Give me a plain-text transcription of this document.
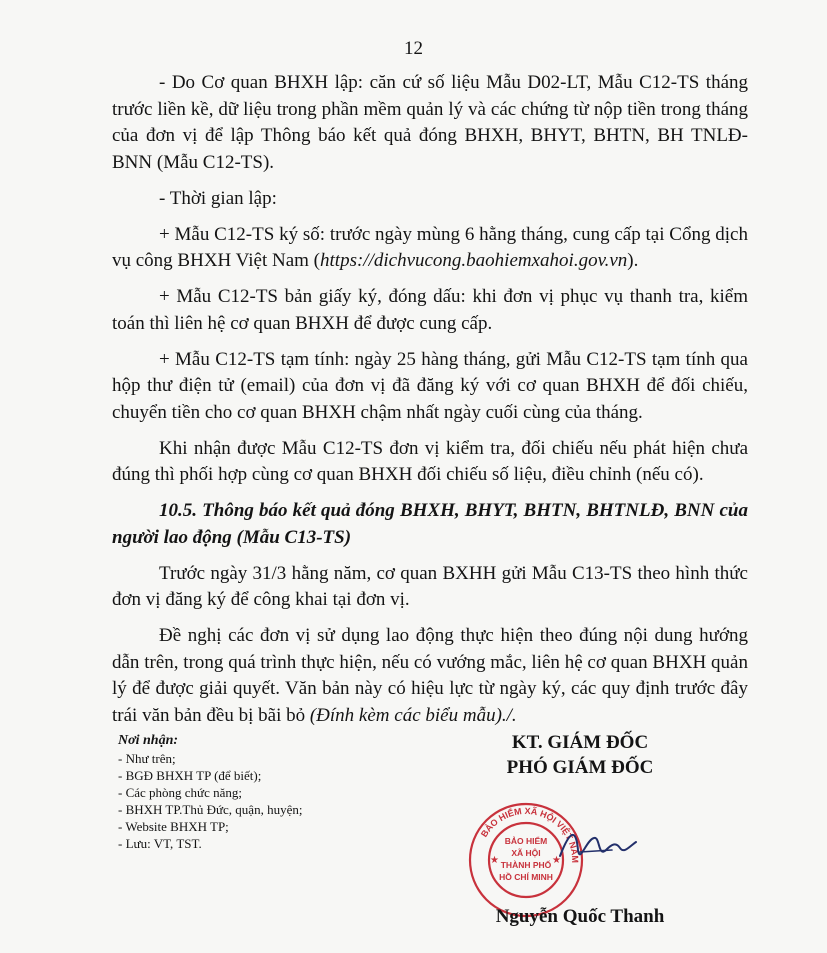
12

- Do Cơ quan BHXH lập: căn cứ số liệu Mẫu D02-LT, Mẫu C12-TS tháng trước liền kề, dữ liệu trong phần mềm quản lý và các chứng từ nộp tiền trong tháng của đơn vị để lập Thông báo kết quả đóng BHXH, BHYT, BHTN, BH TNLĐ-BNN (Mẫu C12-TS).

- Thời gian lập:

+ Mẫu C12-TS ký số: trước ngày mùng 6 hằng tháng, cung cấp tại Cổng dịch vụ công BHXH Việt Nam (https://dichvucong.baohiemxahoi.gov.vn).

+ Mẫu C12-TS bản giấy ký, đóng dấu: khi đơn vị phục vụ thanh tra, kiểm toán thì liên hệ cơ quan BHXH để được cung cấp.

+ Mẫu C12-TS tạm tính: ngày 25 hàng tháng, gửi Mẫu C12-TS tạm tính qua hộp thư điện tử (email) của đơn vị đã đăng ký với cơ quan BHXH để đối chiếu, chuyển tiền cho cơ quan BHXH chậm nhất ngày cuối cùng của tháng.

Khi nhận được Mẫu C12-TS đơn vị kiểm tra, đối chiếu nếu phát hiện chưa đúng thì phối hợp cùng cơ quan BHXH đối chiếu số liệu, điều chỉnh (nếu có).

10.5. Thông báo kết quả đóng BHXH, BHYT, BHTN, BHTNLĐ, BNN của người lao động (Mẫu C13-TS)

Trước ngày 31/3 hằng năm, cơ quan BXHH gửi Mẫu C13-TS theo hình thức đơn vị đăng ký để công khai tại đơn vị.

Đề nghị các đơn vị sử dụng lao động thực hiện theo đúng nội dung hướng dẫn trên, trong quá trình thực hiện, nếu có vướng mắc, liên hệ cơ quan BHXH quản lý để được giải quyết. Văn bản này có hiệu lực từ ngày ký, các quy định trước đây trái văn bản đều bị bãi bỏ (Đính kèm các biểu mẫu)./.

Nơi nhận:
- Như trên;
- BGĐ BHXH TP (để biết);
- Các phòng chức năng;
- BHXH TP.Thủ Đức, quận, huyện;
- Website BHXH TP;
- Lưu: VT, TST.
KT. GIÁM ĐỐC
PHÓ GIÁM ĐỐC
BẢO HIỂM XÃ HỘI VIỆT NAM
BẢO HIỂM
XÃ HỘI
THÀNH PHỐ
HỒ CHÍ MINH
★	★
Nguyễn Quốc Thanh
